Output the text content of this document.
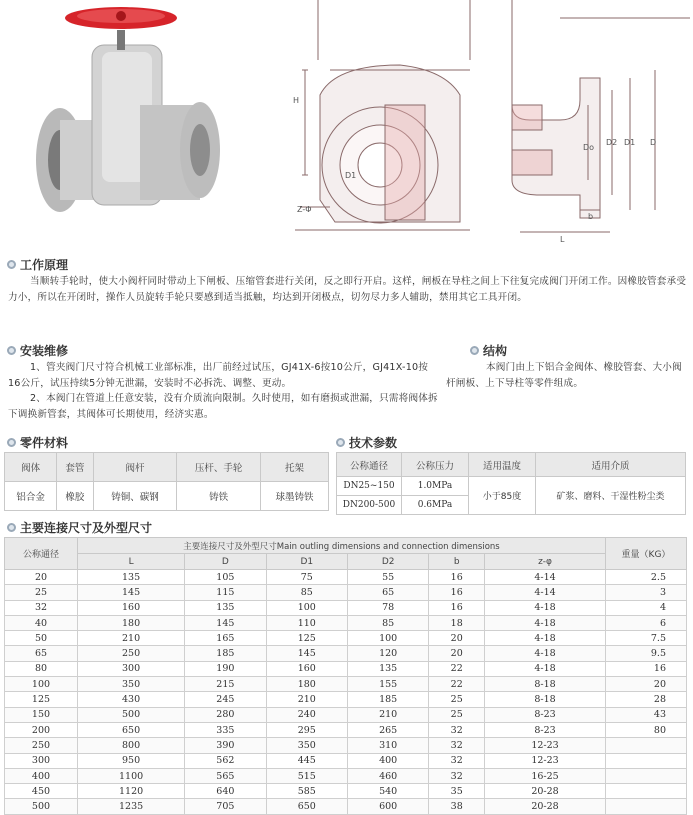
H
D1
Z-Φ
Do
D2 D1 D
b
L
工作原理
当顺转手轮时，使大小阀杆同时带动上下闸板、压缩管套进行关闭，反之即行开启。这样，闸板在导柱之间上下往复完成阀门开闭工作。因橡胶管套承受力小，所以在开闭时，操作人员旋转手轮只要感到适当抵触，均达到开闭极点，切勿尽力多人辅助，禁用其它工具开闭。
安装维修
1、管夹阀门尺寸符合机械工业部标准，出厂前经过试压，GJ41X-6按10公斤，GJ41X-10按16公斤，试压持续5分钟无泄漏，安装时不必拆洗、调整、更动。
2、本阀门在管道上任意安装，没有介质流向限制。久时使用，如有磨损或泄漏，只需将阀体拆下调换新管套，其阀体可长期使用，经济实惠。
结构
本阀门由上下铝合金阀体、橡胶管套、大小阀杆闸板、上下导柱等零件组成。
零件材料
阀体	套管	阀杆	压杆、手轮	托架
铝合金	橡胶	铸铜、碳钢	铸铁	球墨铸铁
技术参数
公称通径	公称压力	适用温度	适用介质
DN25~150	1.0MPa	小于85度	矿浆、磨料、干湿性粉尘类
DN200-500	0.6MPa		
主要连接尺寸及外型尺寸
公称通径	主要连接尺寸及外型尺寸Main outling dimensions and connection dimensions						重量（KG）
	L	D	D1	D2	b	z-φ	
20	135	105	75	55	16	4-14	2.5
25	145	115	85	65	16	4-14	3
32	160	135	100	78	16	4-18	4
40	180	145	110	85	18	4-18	6
50	210	165	125	100	20	4-18	7.5
65	250	185	145	120	20	4-18	9.5
80	300	190	160	135	22	4-18	16
100	350	215	180	155	22	8-18	20
125	430	245	210	185	25	8-18	28
150	500	280	240	210	25	8-23	43
200	650	335	295	265	32	8-23	80
250	800	390	350	310	32	12-23	
300	950	562	445	400	32	12-23	
400	1100	565	515	460	32	16-25	
450	1120	640	585	540	35	20-28	
500	1235	705	650	600	38	20-28	
